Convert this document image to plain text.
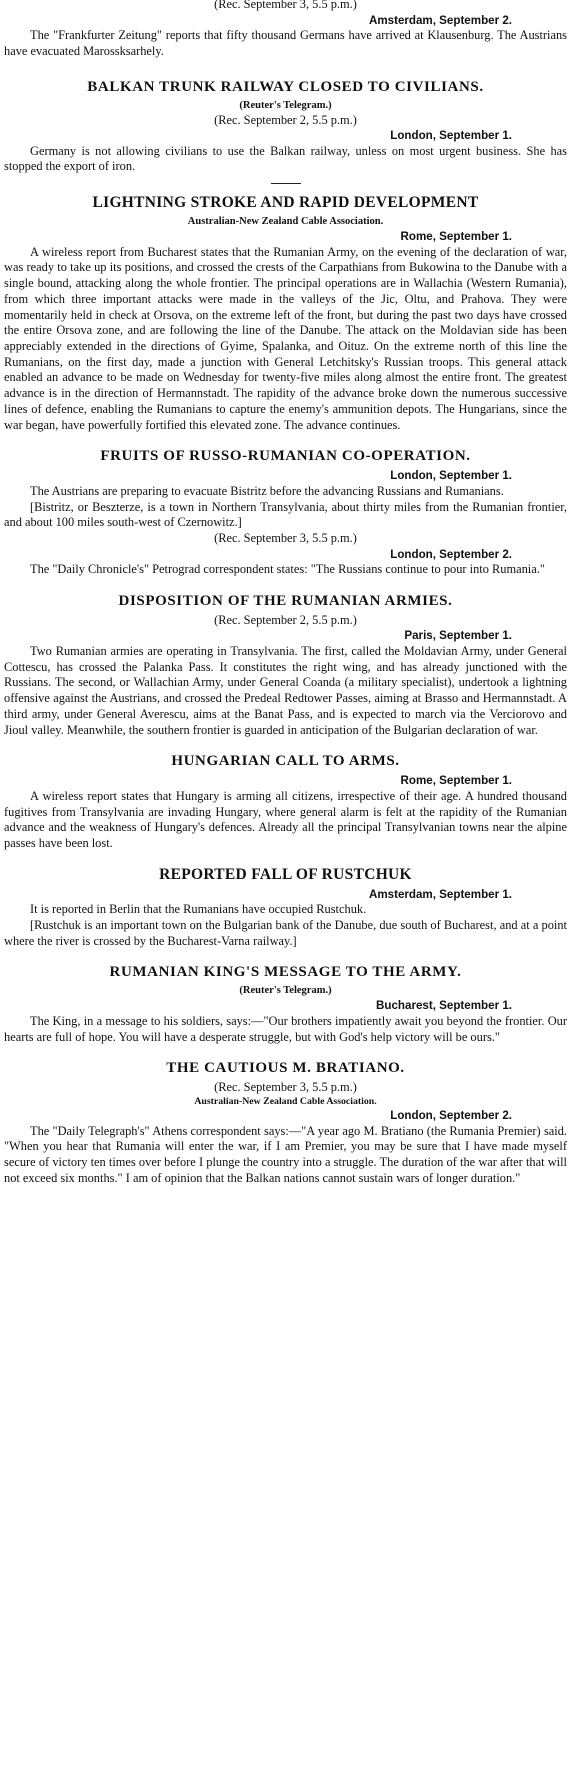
(Rec. September 3, 5.5 p.m.)

Amsterdam, September 2.

The "Frankfurter Zeitung" reports that fifty thousand Germans have arrived at Klausenburg. The Austrians have evacuated Marossksarhely.

BALKAN TRUNK RAILWAY CLOSED TO CIVILIANS.

(Reuter's Telegram.)

(Rec. September 2, 5.5 p.m.)

London, September 1.

Germany is not allowing civilians to use the Balkan railway, unless on most urgent business. She has stopped the export of iron.

LIGHTNING STROKE AND RAPID DEVELOPMENT

Australian-New Zealand Cable Association.

Rome, September 1.

A wireless report from Bucharest states that the Rumanian Army, on the evening of the declaration of war, was ready to take up its positions, and crossed the crests of the Carpathians from Bukowina to the Danube with a single bound, attacking along the whole frontier. The principal operations are in Wallachia (Western Rumania), from which three important attacks were made in the valleys of the Jic, Oltu, and Prahova. They were momentarily held in check at Orsova, on the extreme left of the front, but during the past two days have crossed the entire Orsova zone, and are following the line of the Danube. The attack on the Moldavian side has been appreciably extended in the directions of Gyime, Spalanka, and Oituz. On the extreme north of this line the Rumanians, on the first day, made a junction with General Letchitsky's Russian troops. This general attack enabled an advance to be made on Wednesday for twenty-five miles along almost the entire front. The greatest advance is in the direction of Hermannstadt. The rapidity of the advance broke down the numerous successive lines of defence, enabling the Rumanians to capture the enemy's ammunition depots. The Hungarians, since the war began, have powerfully fortified this elevated zone. The advance continues.

FRUITS OF RUSSO-RUMANIAN CO-OPERATION.

London, September 1.

The Austrians are preparing to evacuate Bistritz before the advancing Russians and Rumanians.

[Bistritz, or Beszterze, is a town in Northern Transylvania, about thirty miles from the Rumanian frontier, and about 100 miles south-west of Czernowitz.]

(Rec. September 3, 5.5 p.m.)

London, September 2.

The "Daily Chronicle's" Petrograd correspondent states: "The Russians continue to pour into Rumania."

DISPOSITION OF THE RUMANIAN ARMIES.

(Rec. September 2, 5.5 p.m.)

Paris, September 1.

Two Rumanian armies are operating in Transylvania. The first, called the Moldavian Army, under General Cottescu, has crossed the Palanka Pass. It constitutes the right wing, and has already junctioned with the Russians. The second, or Wallachian Army, under General Coanda (a military specialist), undertook a lightning offensive against the Austrians, and crossed the Predeal Redtower Passes, aiming at Brasso and Hermannstadt. A third army, under General Averescu, aims at the Banat Pass, and is expected to march via the Verciorovo and Jioul valley. Meanwhile, the southern frontier is guarded in anticipation of the Bulgarian declaration of war.

HUNGARIAN CALL TO ARMS.

Rome, September 1.

A wireless report states that Hungary is arming all citizens, irrespective of their age. A hundred thousand fugitives from Transylvania are invading Hungary, where general alarm is felt at the rapidity of the Rumanian advance and the weakness of Hungary's defences. Already all the principal Transylvanian towns near the alpine passes have been lost.

REPORTED FALL OF RUSTCHUK

Amsterdam, September 1.

It is reported in Berlin that the Rumanians have occupied Rustchuk.

[Rustchuk is an important town on the Bulgarian bank of the Danube, due south of Bucharest, and at a point where the river is crossed by the Bucharest-Varna railway.]

RUMANIAN KING'S MESSAGE TO THE ARMY.

(Reuter's Telegram.)

Bucharest, September 1.

The King, in a message to his soldiers, says:—"Our brothers impatiently await you beyond the frontier. Our hearts are full of hope. You will have a desperate struggle, but with God's help victory will be ours."

THE CAUTIOUS M. BRATIANO.

(Rec. September 3, 5.5 p.m.)

Australian-New Zealand Cable Association.

London, September 2.

The "Daily Telegraph's" Athens correspondent says:—"A year ago M. Bratiano (the Rumania Premier) said. "When you hear that Rumania will enter the war, if I am Premier, you may be sure that I have made myself secure of victory ten times over before I plunge the country into a struggle. The duration of the war after that will not exceed six months." I am of opinion that the Balkan nations cannot sustain wars of longer duration."
